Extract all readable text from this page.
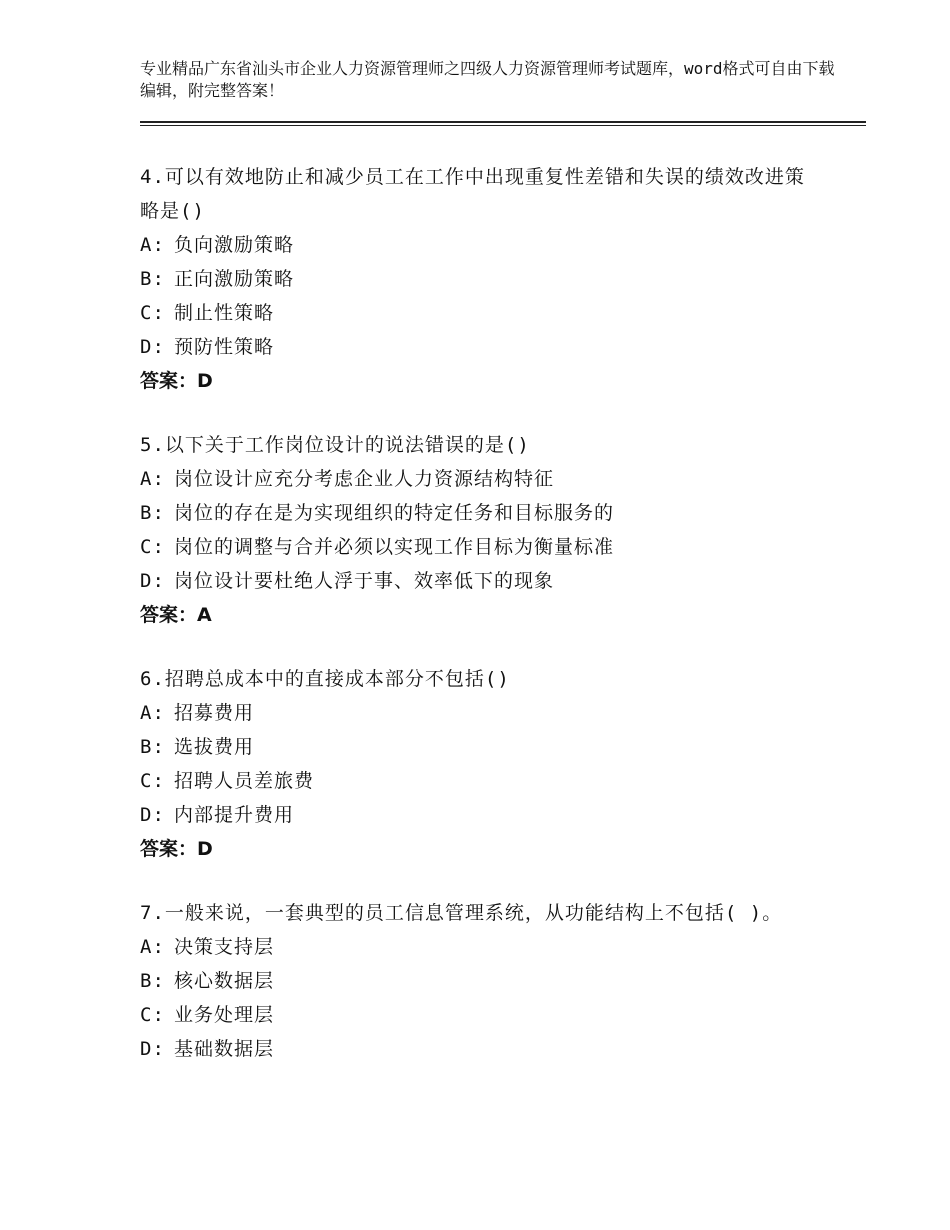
专业精品广东省汕头市企业人力资源管理师之四级人力资源管理师考试题库，word格式可自由下载编辑，附完整答案！

4.可以有效地防止和减少员工在工作中出现重复性差错和失误的绩效改进策略是()

A: 负向激励策略

B: 正向激励策略

C: 制止性策略

D: 预防性策略

答案：D

5.以下关于工作岗位设计的说法错误的是()

A: 岗位设计应充分考虑企业人力资源结构特征

B: 岗位的存在是为实现组织的特定任务和目标服务的

C: 岗位的调整与合并必须以实现工作目标为衡量标准

D: 岗位设计要杜绝人浮于事、效率低下的现象

答案：A

6.招聘总成本中的直接成本部分不包括()

A: 招募费用

B: 选拔费用

C: 招聘人员差旅费

D: 内部提升费用

答案：D

7.一般来说，一套典型的员工信息管理系统，从功能结构上不包括( )。

A: 决策支持层

B: 核心数据层

C: 业务处理层

D: 基础数据层
